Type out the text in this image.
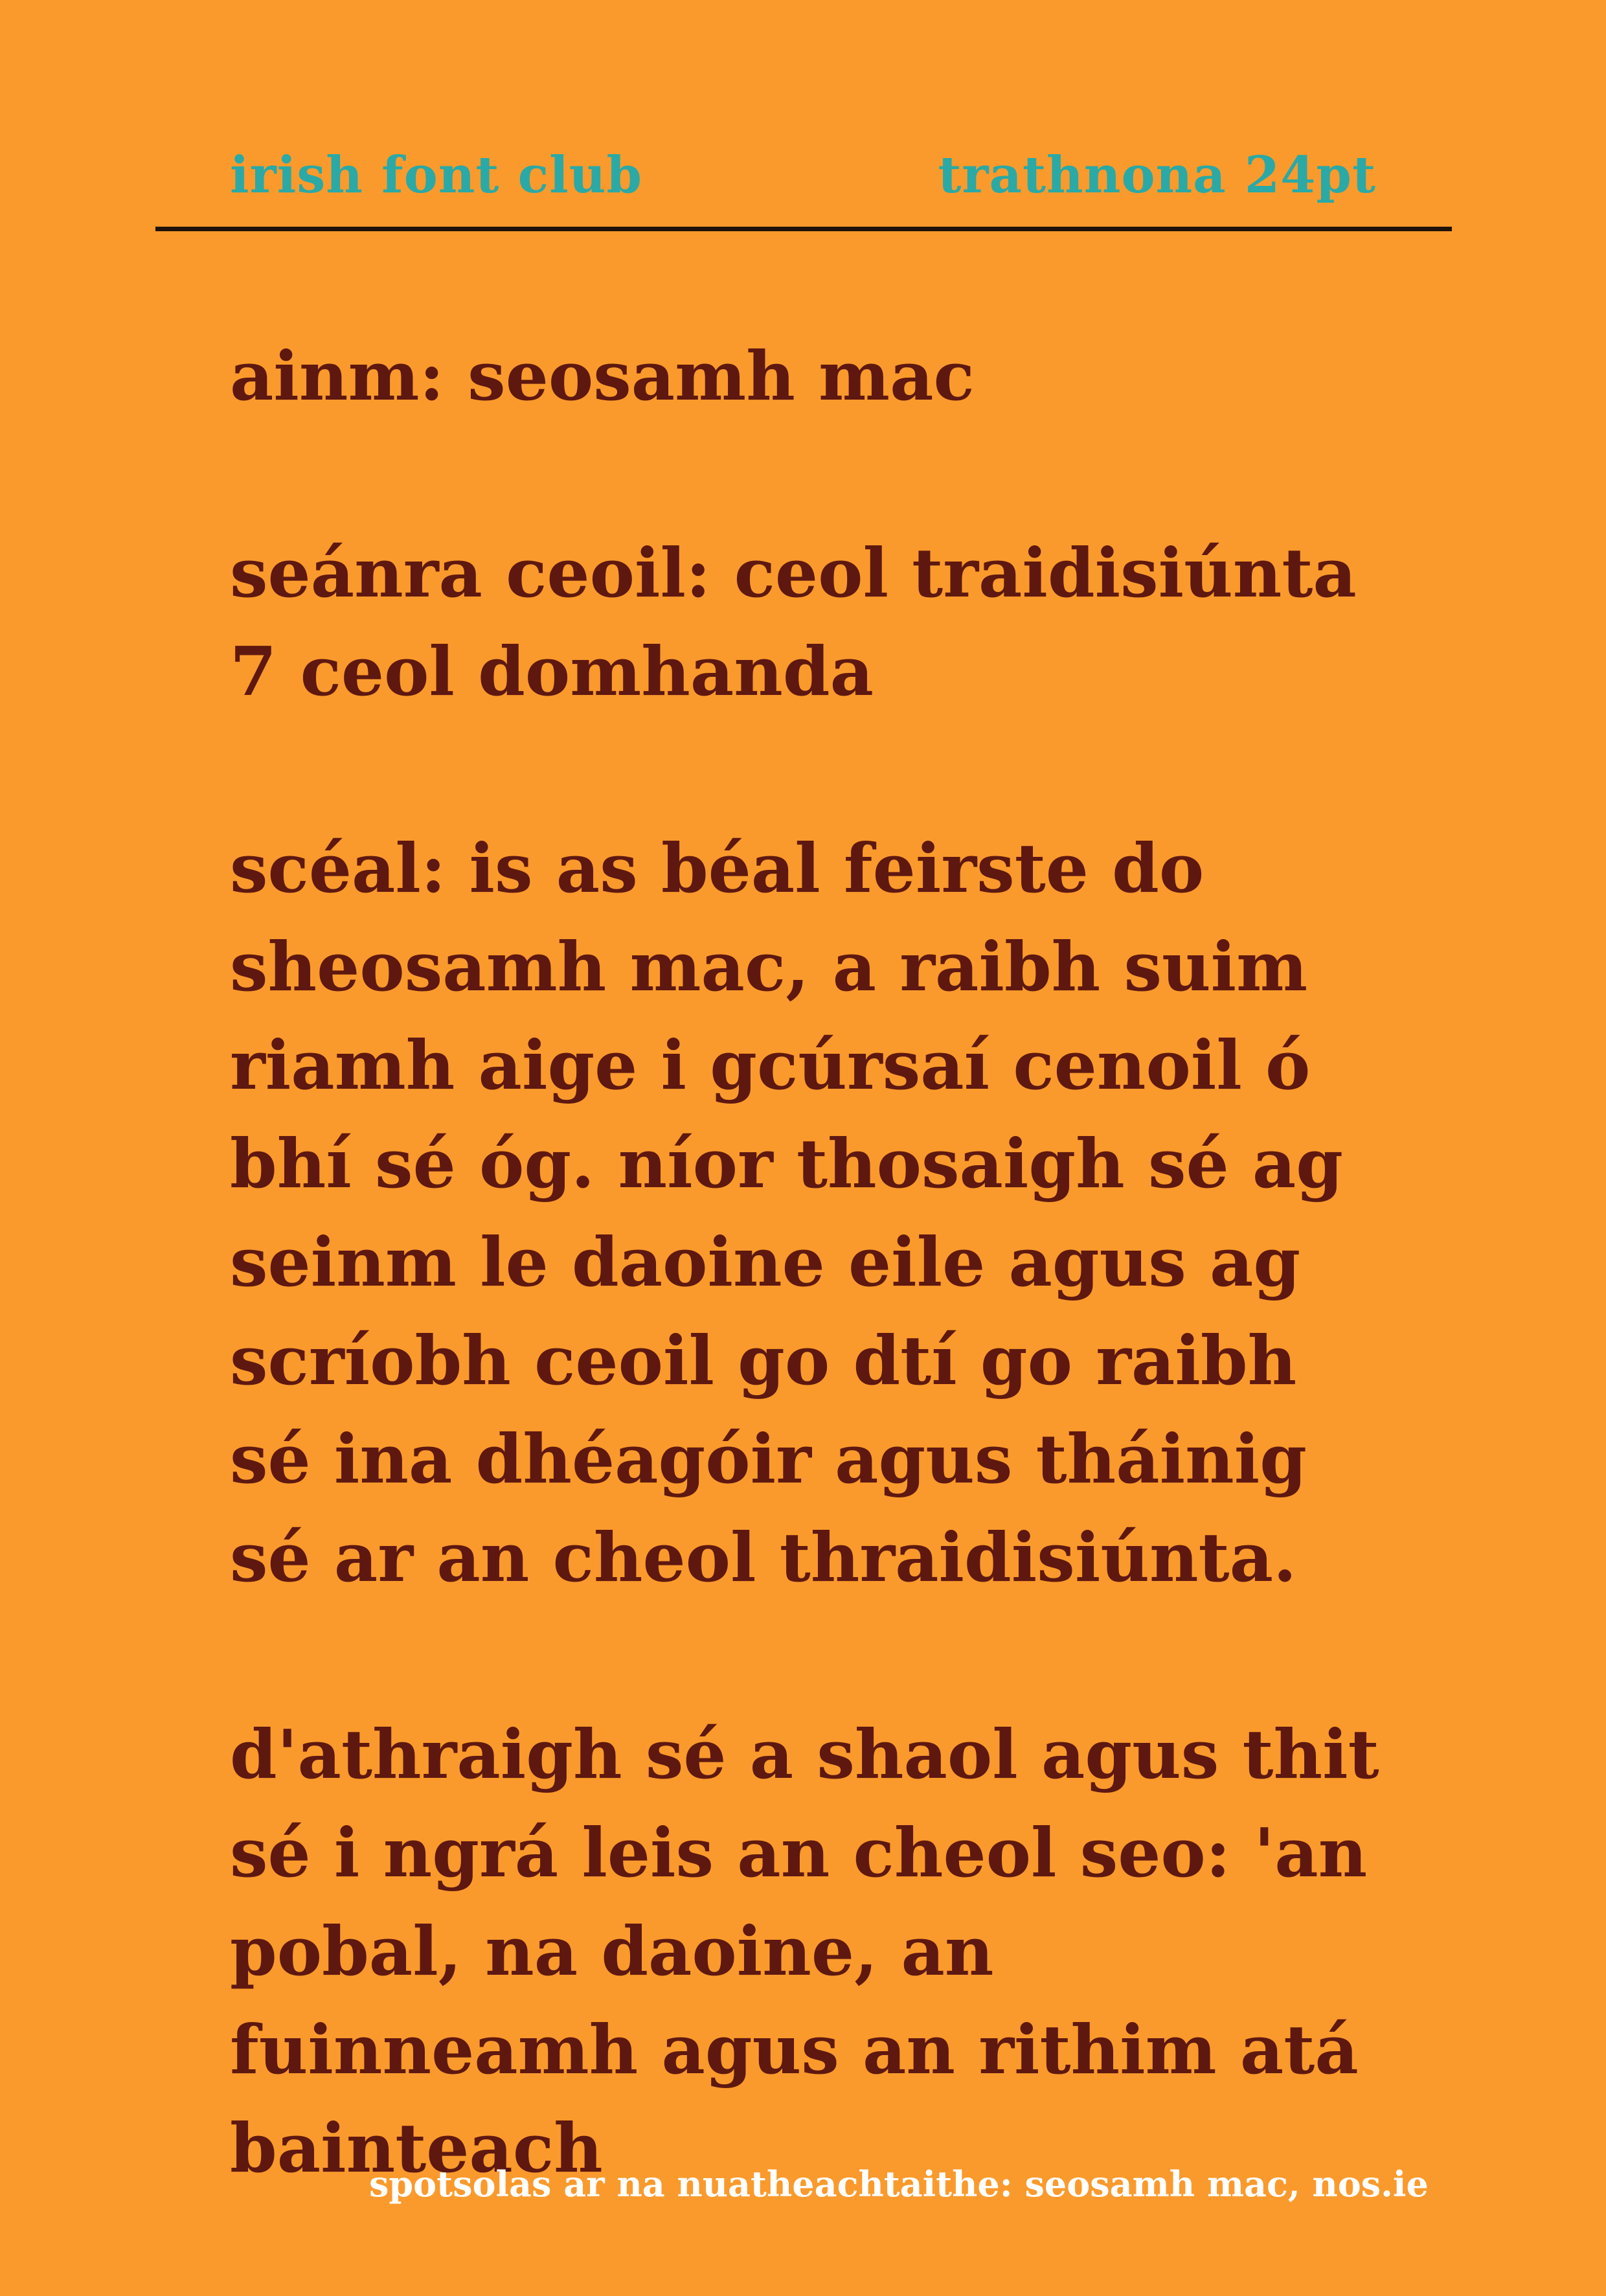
irish font club	trathnona 24pt

ainm: seosamh mac

seánra ceoil: ceol traidisiúnta 7 ceol domhanda

scéal: is as béal feirste do sheosamh mac, a raibh suim riamh aige i gcúrsaí cenoil ó bhí sé óg. níor thosaigh sé ag seinm le daoine eile agus ag scríobh ceoil go dtí go raibh sé ina dhéagóir agus tháinig sé ar an cheol thraidisiúnta.

d'athraigh sé a shaol agus thit sé i ngrá leis an cheol seo: 'an pobal, na daoine, an fuinneamh agus an rithim atá bainteach

spotsolas ar na nuatheachtaithe: seosamh mac, nos.ie
